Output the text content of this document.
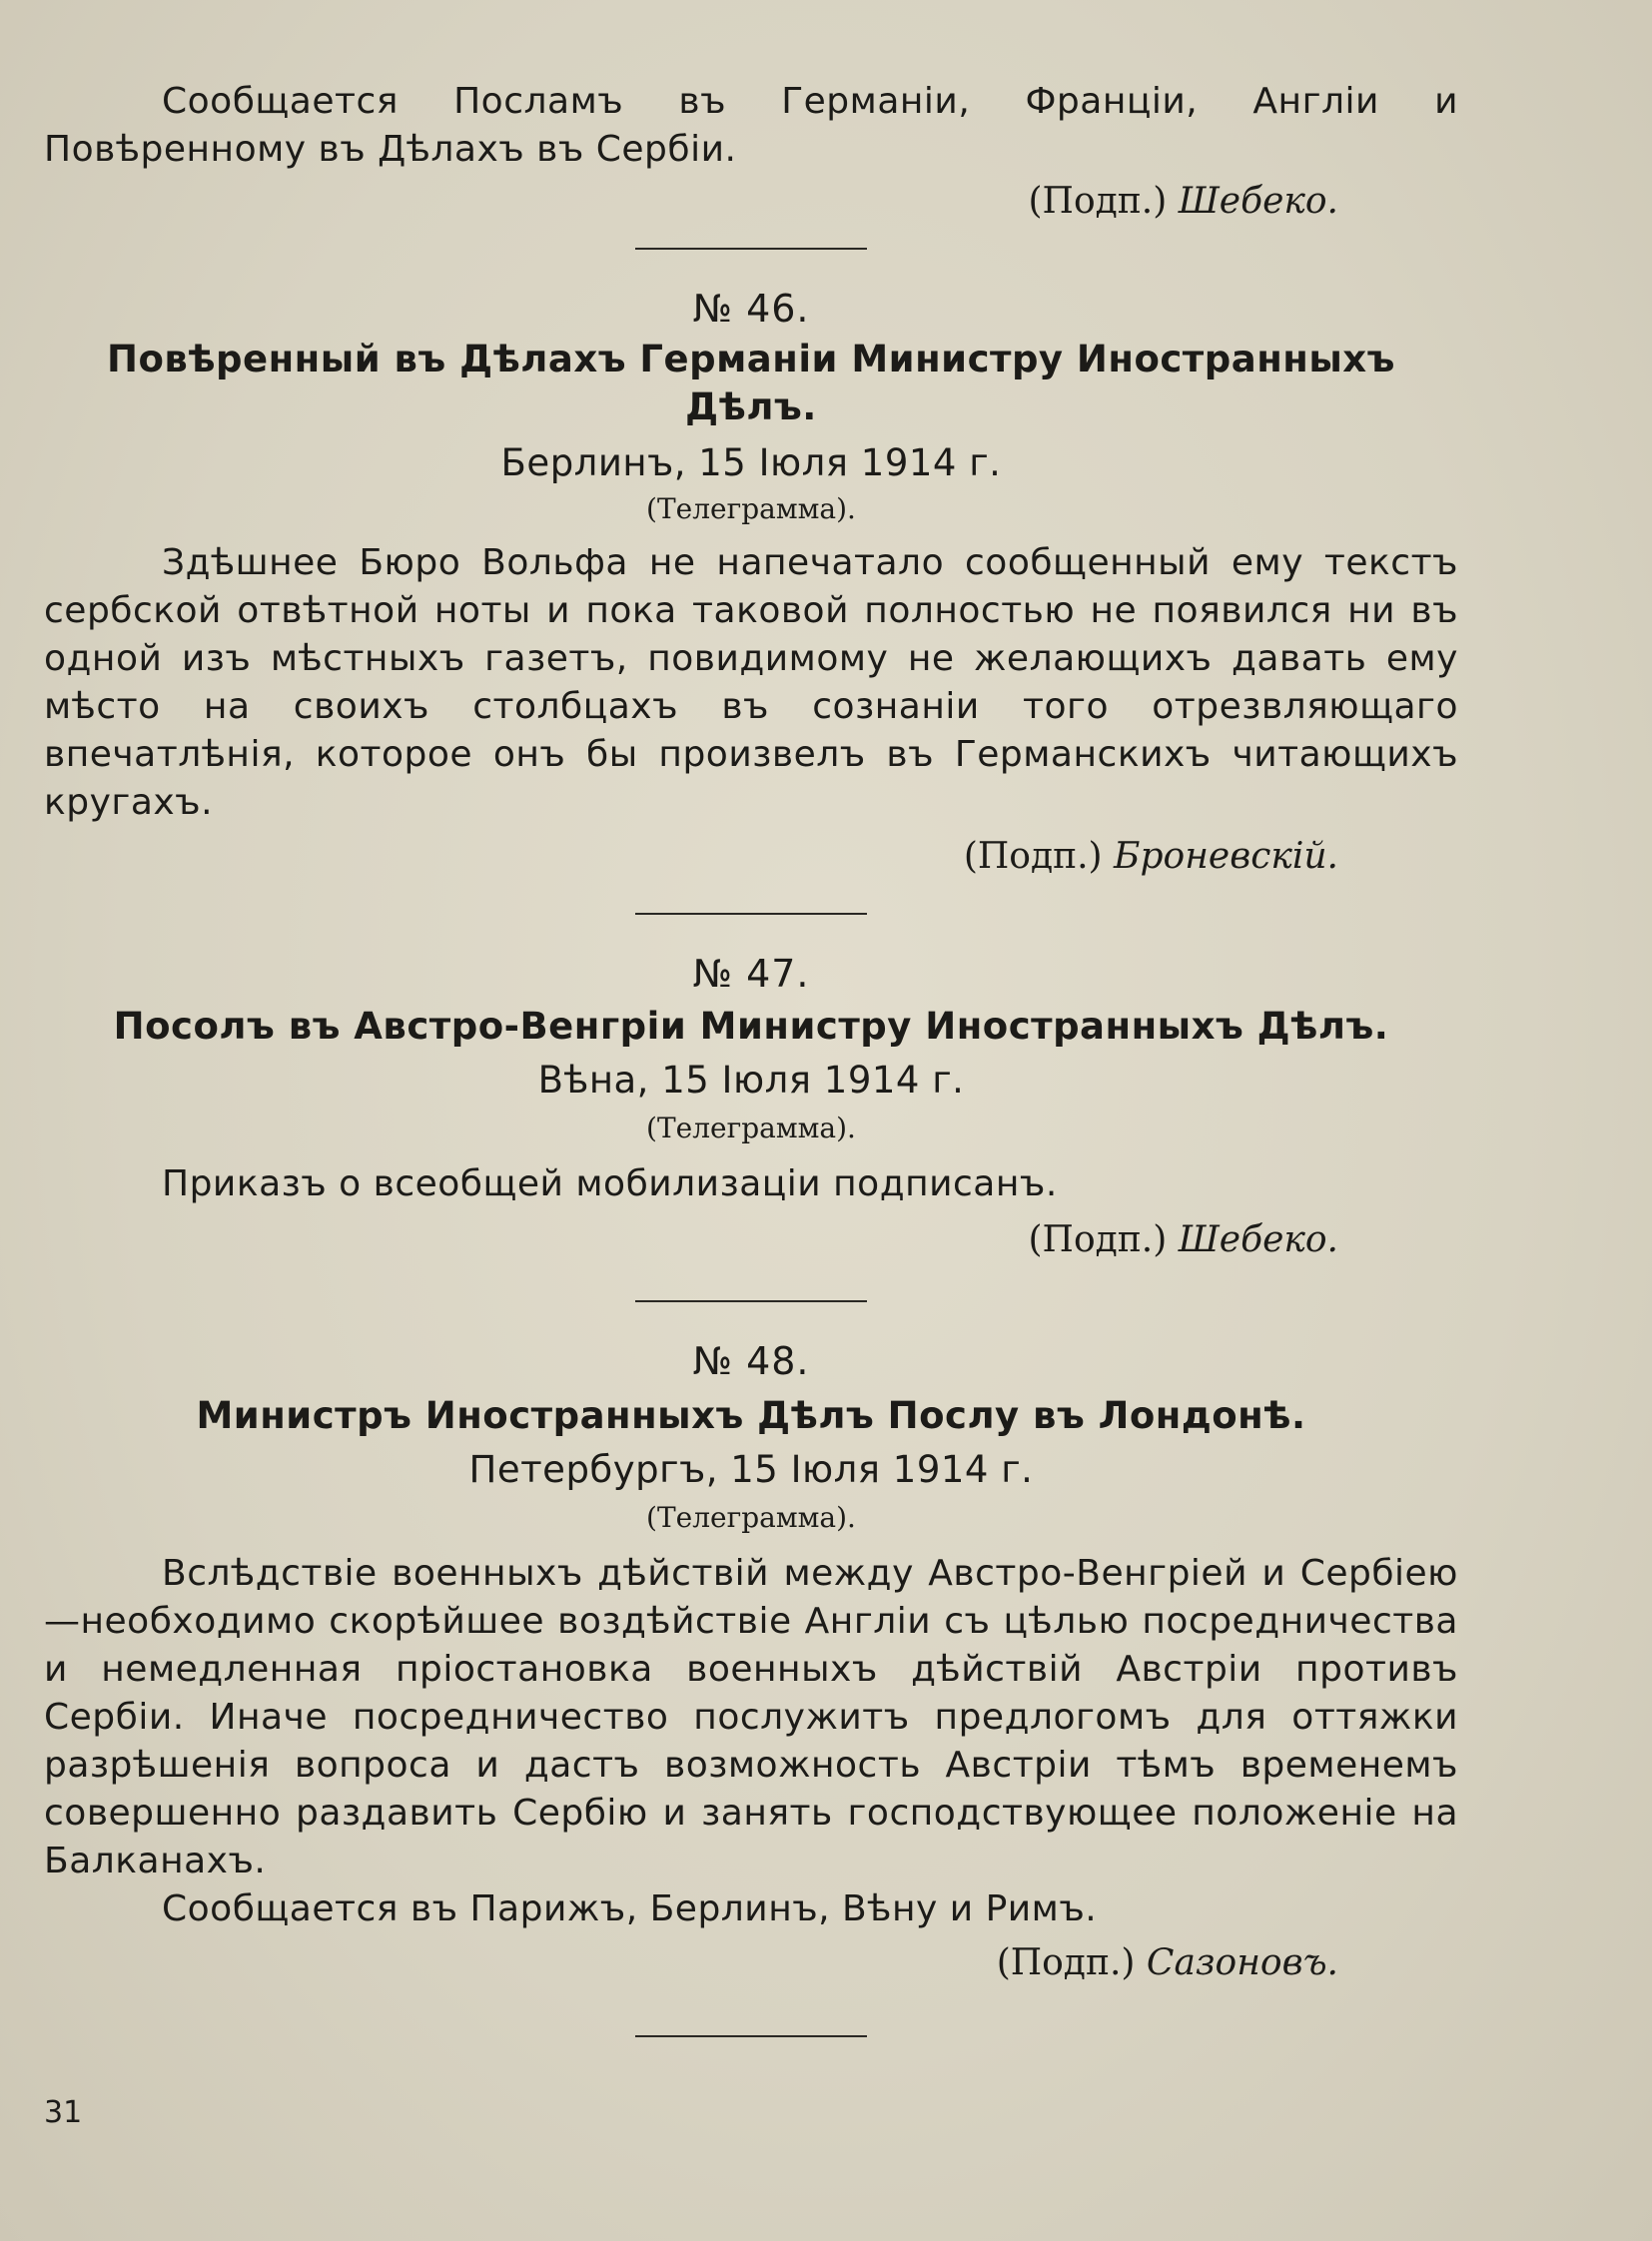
Сообщается Посламъ въ Германiи, Францiи, Англiи и Повѣренному въ Дѣлахъ въ Сербiи.

(Подп.) Шебеко.

№ 46.

Повѣренный въ Дѣлахъ Германiи Министру Иностранныхъ Дѣлъ.

Берлинъ, 15 Iюля 1914 г.

(Телеграмма).

Здѣшнее Бюро Вольфа не напечатало сообщенный ему текстъ сербской отвѣтной ноты и пока таковой полностью не появился ни въ одной изъ мѣстныхъ газетъ, повидимому не желающихъ давать ему мѣсто на своихъ столбцахъ въ сознанiи того отрезвляющаго впечатлѣнiя, которое онъ бы произвелъ въ Германскихъ читающихъ кругахъ.

(Подп.) Броневскiй.

№ 47.

Посолъ въ Австро-Венгрiи Министру Иностранныхъ Дѣлъ.

Вѣна, 15 Iюля 1914 г.

(Телеграмма).

Приказъ о всеобщей мобилизацiи подписанъ.

(Подп.) Шебеко.

№ 48.

Министръ Иностранныхъ Дѣлъ Послу въ Лондонѣ.

Петербургъ, 15 Iюля 1914 г.

(Телеграмма).

Вслѣдствiе военныхъ дѣйствiй между Австро-Венгрiей и Сербiею—необходимо скорѣйшее воздѣйствiе Англiи съ цѣлью посредничества и немедленная прiостановка военныхъ дѣйствiй Австрiи противъ Сербiи. Иначе посредничество послужитъ предлогомъ для оттяжки разрѣшенiя вопроса и дастъ возможность Австрiи тѣмъ временемъ совершенно раздавить Сербiю и занять господствующее положенiе на Балканахъ.

Сообщается въ Парижъ, Берлинъ, Вѣну и Римъ.

(Подп.) Сазоновъ.

31
